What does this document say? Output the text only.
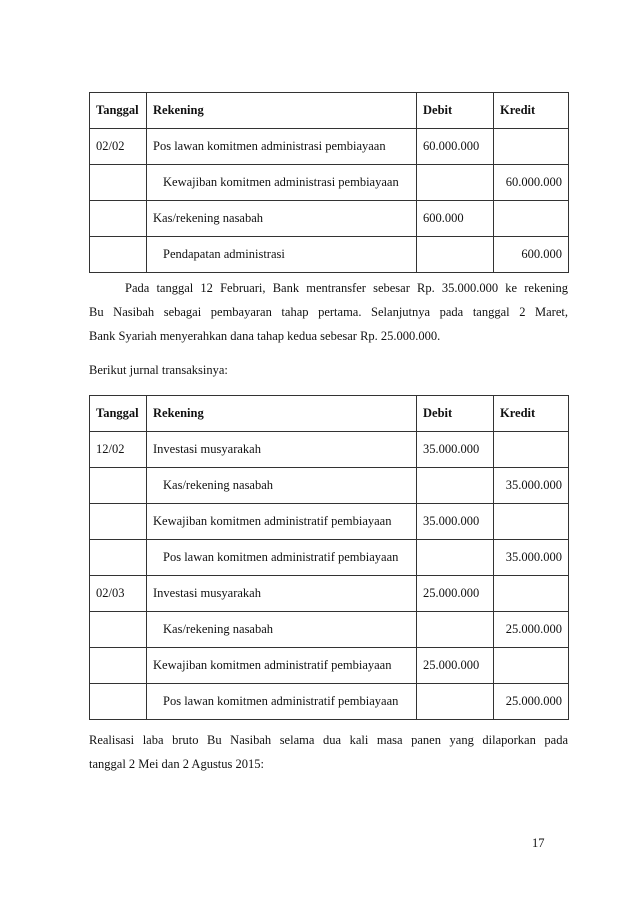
Tanggal	Rekening	Debit	Kredit
02/02	Pos lawan komitmen administrasi pembiayaan	60.000.000	
	Kewajiban komitmen administrasi pembiayaan		60.000.000
	Kas/rekening nasabah	600.000	
	Pendapatan administrasi		600.000

Pada tanggal 12 Februari, Bank mentransfer sebesar Rp. 35.000.000 ke rekening
Bu Nasibah sebagai pembayaran tahap pertama. Selanjutnya pada tanggal 2 Maret,
Bank Syariah menyerahkan dana tahap kedua sebesar Rp. 25.000.000.

Berikut jurnal transaksinya:

Tanggal	Rekening	Debit	Kredit
12/02	Investasi musyarakah	35.000.000	
	Kas/rekening nasabah		35.000.000
	Kewajiban komitmen administratif pembiayaan	35.000.000	
	Pos lawan komitmen administratif pembiayaan		35.000.000
02/03	Investasi musyarakah	25.000.000	
	Kas/rekening nasabah		25.000.000
	Kewajiban komitmen administratif pembiayaan	25.000.000	
	Pos lawan komitmen administratif pembiayaan		25.000.000

Realisasi laba bruto Bu Nasibah selama dua kali masa panen yang dilaporkan pada
tanggal 2 Mei dan 2 Agustus 2015:

17
